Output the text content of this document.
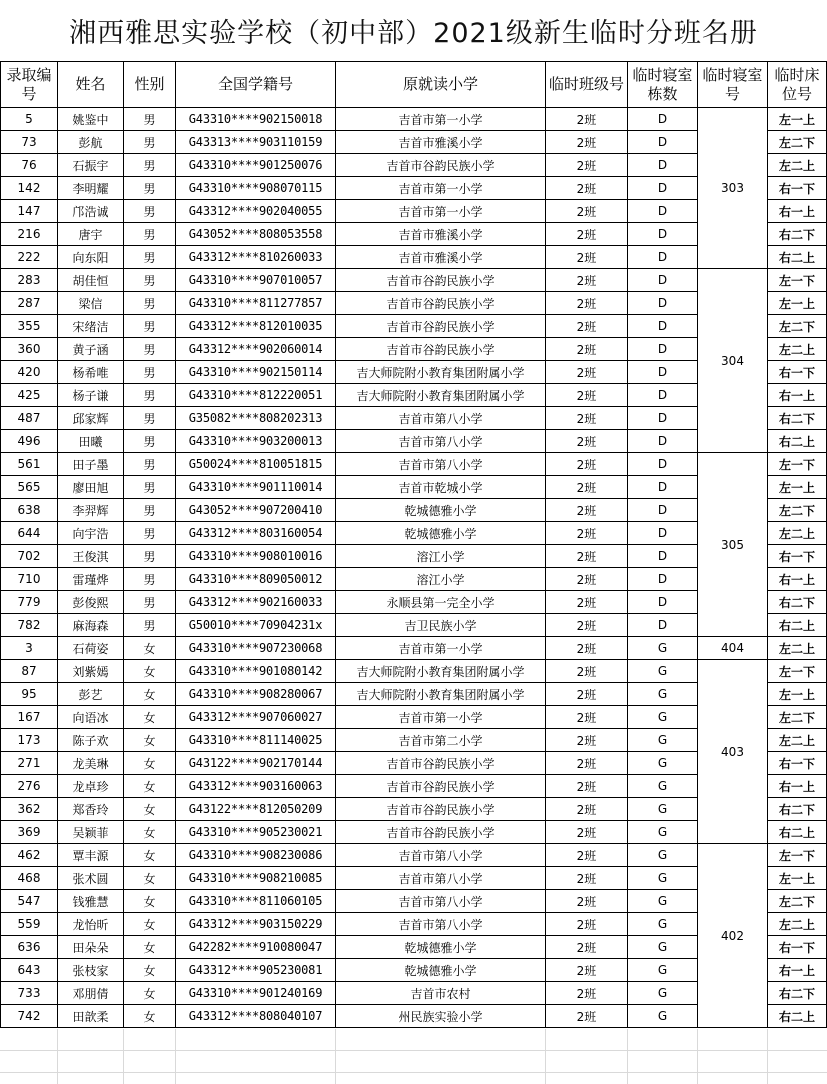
湘西雅思实验学校（初中部）2021级新生临时分班名册
录取编号	姓名	性别	全国学籍号	原就读小学	临时班级号	临时寝室栋数	临时寝室号	临时床位号
5	姚鉴中	男	G43310****902150018	吉首市第一小学	2班	D	303	左一上
73	彭航	男	G43313****903110159	吉首市雅溪小学	2班	D		左二下
76	石振宇	男	G43310****901250076	吉首市谷韵民族小学	2班	D		左二上
142	李明耀	男	G43310****908070115	吉首市第一小学	2班	D		右一下
147	邝浩诚	男	G43312****902040055	吉首市第一小学	2班	D		右一上
216	唐宇	男	G43052****808053558	吉首市雅溪小学	2班	D		右二下
222	向东阳	男	G43312****810260033	吉首市雅溪小学	2班	D		右二上
283	胡佳恒	男	G43310****907010057	吉首市谷韵民族小学	2班	D	304	左一下
287	梁信	男	G43310****811277857	吉首市谷韵民族小学	2班	D		左一上
355	宋绪洁	男	G43312****812010035	吉首市谷韵民族小学	2班	D		左二下
360	黄子涵	男	G43312****902060014	吉首市谷韵民族小学	2班	D		左二上
420	杨希唯	男	G43310****902150114	吉大师院附小教育集团附属小学	2班	D		右一下
425	杨子谦	男	G43310****812220051	吉大师院附小教育集团附属小学	2班	D		右一上
487	邱家辉	男	G35082****808202313	吉首市第八小学	2班	D		右二下
496	田曦	男	G43310****903200013	吉首市第八小学	2班	D		右二上
561	田子墨	男	G50024****810051815	吉首市第八小学	2班	D	305	左一下
565	廖田旭	男	G43310****901110014	吉首市乾城小学	2班	D		左一上
638	李羿辉	男	G43052****907200410	乾城德雅小学	2班	D		左二下
644	向宇浩	男	G43312****803160054	乾城德雅小学	2班	D		左二上
702	王俊淇	男	G43310****908010016	溶江小学	2班	D		右一下
710	雷瑾烨	男	G43310****809050012	溶江小学	2班	D		右一上
779	彭俊熙	男	G43312****902160033	永顺县第一完全小学	2班	D		右二下
782	麻海森	男	G50010****70904231x	吉卫民族小学	2班	D		右二上
3	石荷姿	女	G43310****907230068	吉首市第一小学	2班	G	404	左二上
87	刘紫嫣	女	G43310****901080142	吉大师院附小教育集团附属小学	2班	G	403	左一下
95	彭艺	女	G43310****908280067	吉大师院附小教育集团附属小学	2班	G		左一上
167	向语冰	女	G43312****907060027	吉首市第一小学	2班	G		左二下
173	陈子欢	女	G43310****811140025	吉首市第二小学	2班	G		左二上
271	龙美琳	女	G43122****902170144	吉首市谷韵民族小学	2班	G		右一下
276	龙卓珍	女	G43312****903160063	吉首市谷韵民族小学	2班	G		右一上
362	郑香玲	女	G43122****812050209	吉首市谷韵民族小学	2班	G		右二下
369	吴颖菲	女	G43310****905230021	吉首市谷韵民族小学	2班	G		右二上
462	覃丰源	女	G43310****908230086	吉首市第八小学	2班	G	402	左一下
468	张术圆	女	G43310****908210085	吉首市第八小学	2班	G		左一上
547	钱雅慧	女	G43310****811060105	吉首市第八小学	2班	G		左二下
559	龙怡昕	女	G43312****903150229	吉首市第八小学	2班	G		左二上
636	田朵朵	女	G42282****910080047	乾城德雅小学	2班	G		右一下
643	张枝家	女	G43312****905230081	乾城德雅小学	2班	G		右一上
733	邓朋倩	女	G43310****901240169	吉首市农村	2班	G		右二下
742	田歆柔	女	G43312****808040107	州民族实验小学	2班	G		右二上
